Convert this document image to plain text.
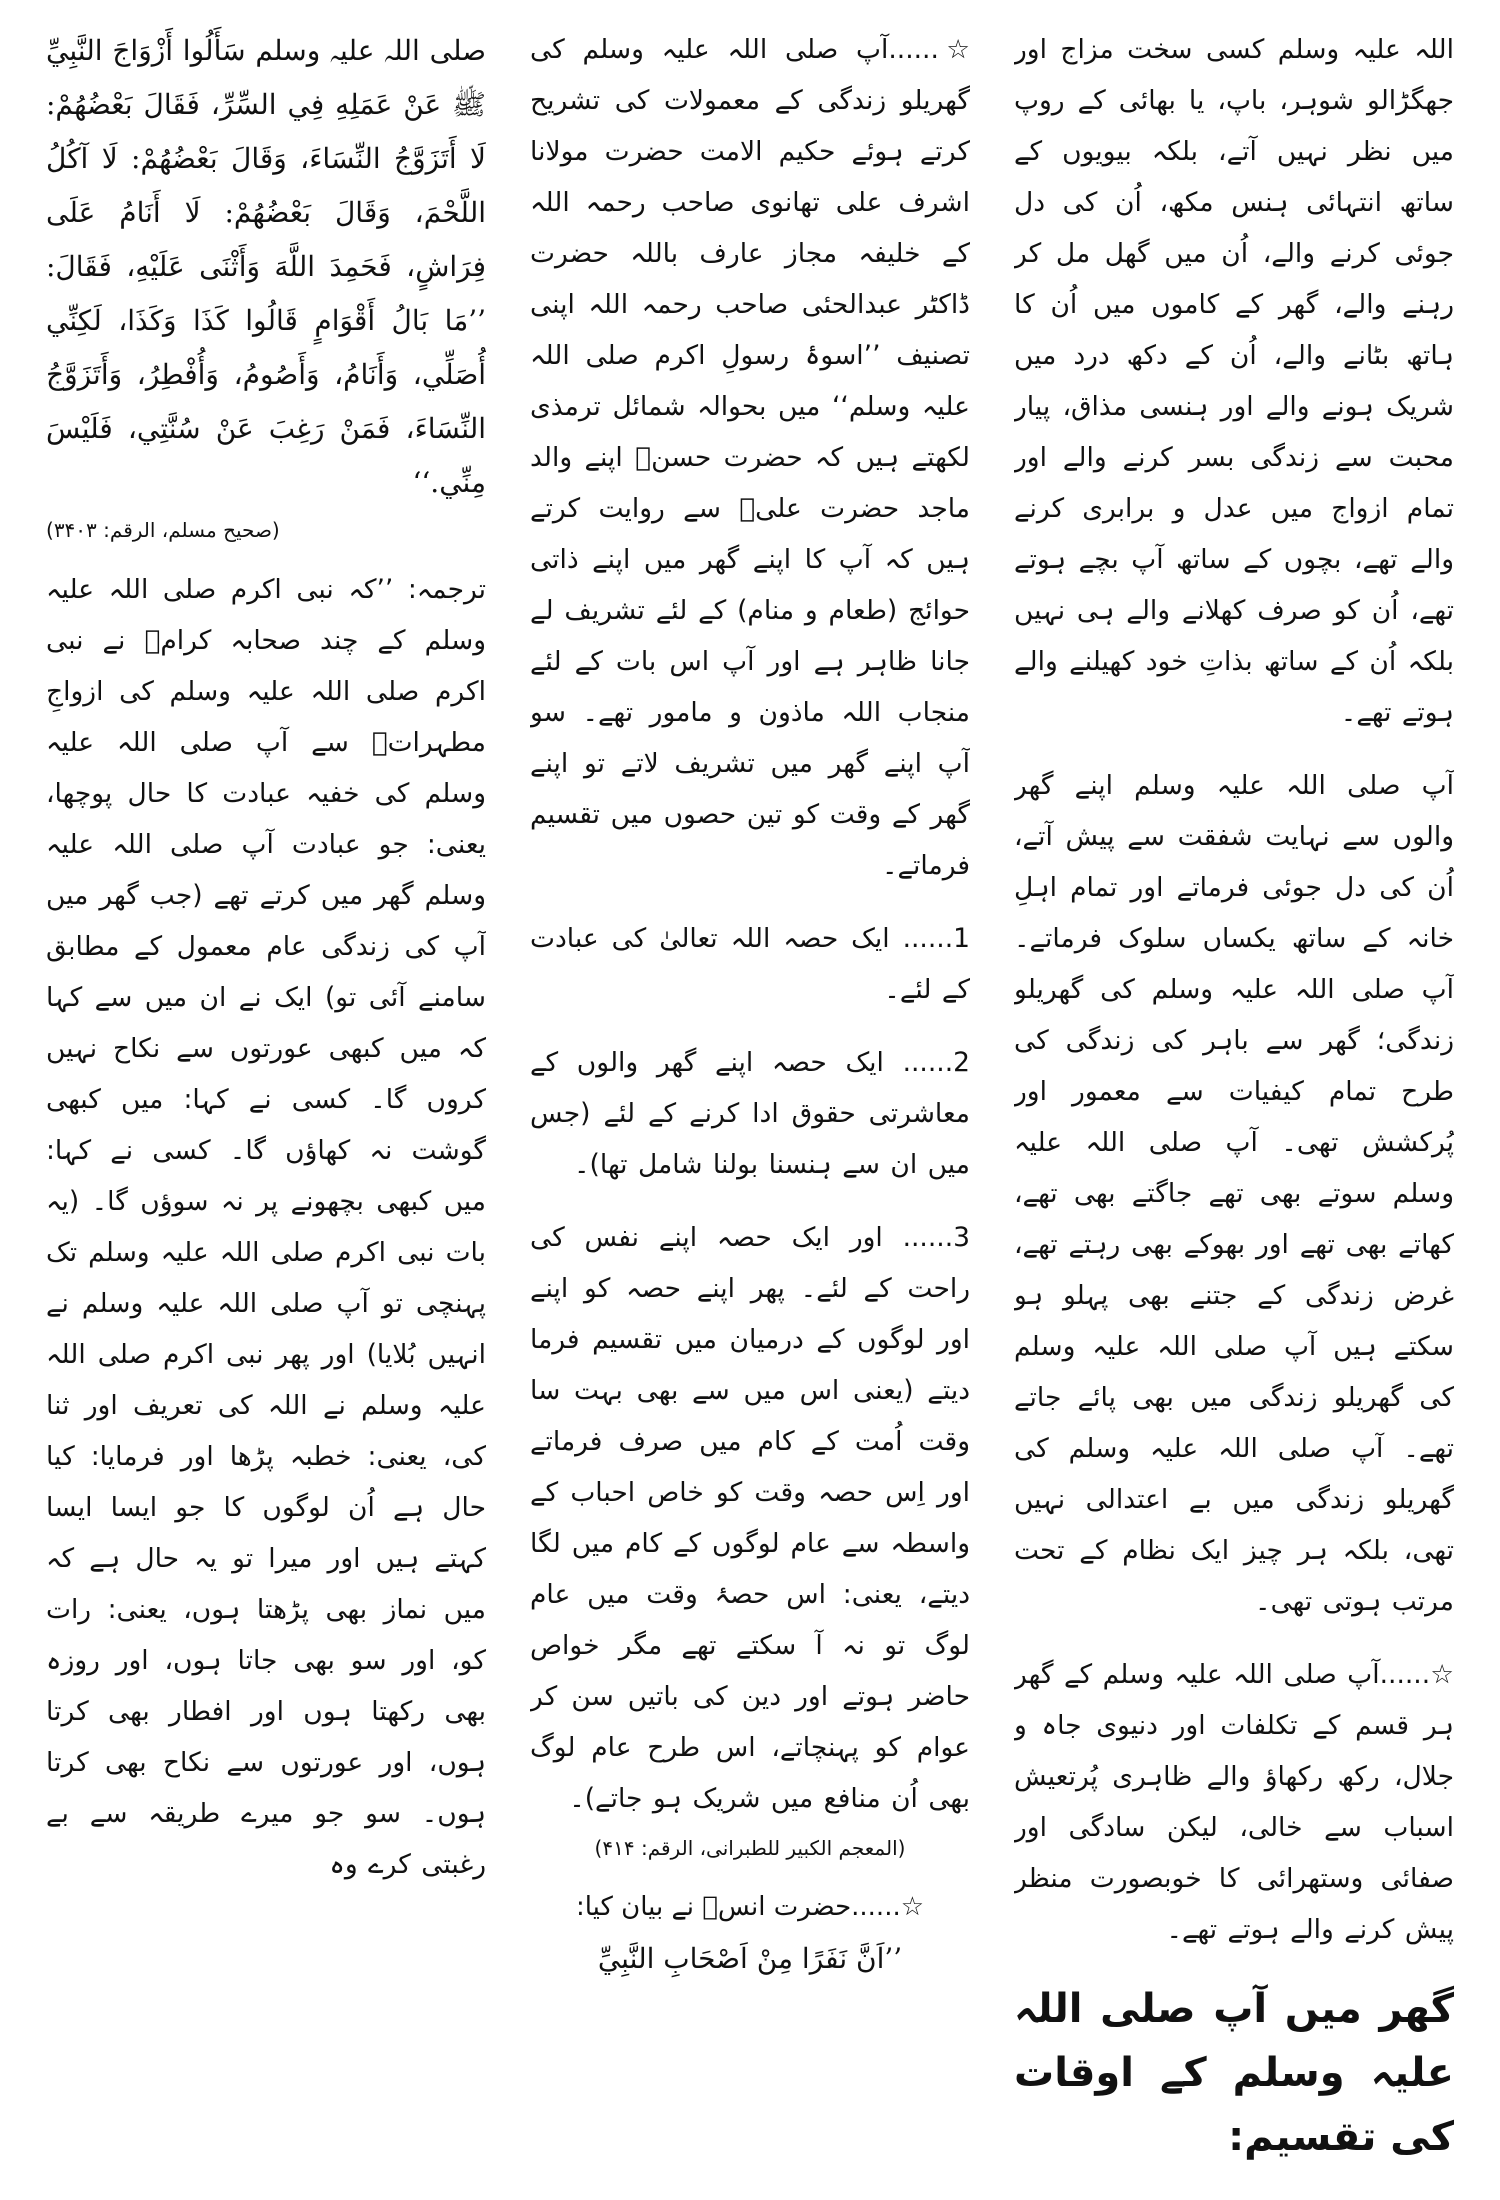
اللہ علیہ وسلم کسی سخت مزاج اور جھگڑالو شوہر، باپ، یا بھائی کے روپ میں نظر نہیں آتے، بلکہ بیویوں کے ساتھ انتہائی ہنس مکھ، اُن کی دل جوئی کرنے والے، اُن میں گھل مل کر رہنے والے، گھر کے کاموں میں اُن کا ہاتھ بٹانے والے، اُن کے دکھ درد میں شریک ہونے والے اور ہنسی مذاق، پیار محبت سے زندگی بسر کرنے والے اور تمام ازواج میں عدل و برابری کرنے والے تھے، بچوں کے ساتھ آپ بچے ہوتے تھے، اُن کو صرف کھلانے والے ہی نہیں بلکہ اُن کے ساتھ بذاتِ خود کھیلنے والے ہوتے تھے۔

آپ صلی اللہ علیہ وسلم اپنے گھر والوں سے نہایت شفقت سے پیش آتے، اُن کی دل جوئی فرماتے اور تمام اہلِ خانہ کے ساتھ یکساں سلوک فرماتے۔ آپ صلی اللہ علیہ وسلم کی گھریلو زندگی؛ گھر سے باہر کی زندگی کی طرح تمام کیفیات سے معمور اور پُرکشش تھی۔ آپ صلی اللہ علیہ وسلم سوتے بھی تھے جاگتے بھی تھے، کھاتے بھی تھے اور بھوکے بھی رہتے تھے، غرض زندگی کے جتنے بھی پہلو ہو سکتے ہیں آپ صلی اللہ علیہ وسلم کی گھریلو زندگی میں بھی پائے جاتے تھے۔ آپ صلی اللہ علیہ وسلم کی گھریلو زندگی میں بے اعتدالی نہیں تھی، بلکہ ہر چیز ایک نظام کے تحت مرتب ہوتی تھی۔

☆......آپ صلی اللہ علیہ وسلم کے گھر ہر قسم کے تکلفات اور دنیوی جاہ و جلال، رکھ رکھاؤ والے ظاہری پُرتعیش اسباب سے خالی، لیکن سادگی اور صفائی وستھرائی کا خوبصورت منظر پیش کرنے والے ہوتے تھے۔

گھر میں آپ صلی اللہ علیہ وسلم کے اوقات کی تقسیم:

☆......آپ صلی اللہ علیہ وسلم کی گھریلو زندگی کے معمولات کی تشریح کرتے ہوئے حکیم الامت حضرت مولانا اشرف علی تھانوی صاحب رحمہ اللہ کے خلیفہ مجاز عارف باللہ حضرت ڈاکٹر عبدالحئی صاحب رحمہ اللہ اپنی تصنیف ’’اسوۂ رسولِ اکرم صلی اللہ علیہ وسلم‘‘ میں بحوالہ شمائل ترمذی لکھتے ہیں کہ حضرت حسنؓ اپنے والد ماجد حضرت علیؓ سے روایت کرتے ہیں کہ آپ کا اپنے گھر میں اپنے ذاتی حوائج (طعام و منام) کے لئے تشریف لے جانا ظاہر ہے اور آپ اس بات کے لئے منجاب اللہ ماذون و مامور تھے۔ سو آپ اپنے گھر میں تشریف لاتے تو اپنے گھر کے وقت کو تین حصوں میں تقسیم فرماتے۔

1...... ایک حصہ اللہ تعالیٰ کی عبادت کے لئے۔

2...... ایک حصہ اپنے گھر والوں کے معاشرتی حقوق ادا کرنے کے لئے (جس میں ان سے ہنسنا بولنا شامل تھا)۔

3...... اور ایک حصہ اپنے نفس کی راحت کے لئے۔ پھر اپنے حصہ کو اپنے اور لوگوں کے درمیان میں تقسیم فرما دیتے (یعنی اس میں سے بھی بہت سا وقت اُمت کے کام میں صرف فرماتے اور اِس حصہ وقت کو خاص احباب کے واسطہ سے عام لوگوں کے کام میں لگا دیتے، یعنی: اس حصۂ وقت میں عام لوگ تو نہ آ سکتے تھے مگر خواص حاضر ہوتے اور دین کی باتیں سن کر عوام کو پہنچاتے، اس طرح عام لوگ بھی اُن منافع میں شریک ہو جاتے)۔

(المعجم الکبیر للطبرانی، الرقم: ۴۱۴)

☆......حضرت انسؓ نے بیان کیا:

’’اَنَّ نَفَرًا مِنْ اَصْحَابِ النَّبِيِّ

صلی اللہ علیہ وسلم سَأَلُوا أَزْوَاجَ النَّبِيِّ ﷺ عَنْ عَمَلِهِ فِي السِّرِّ، فَقَالَ بَعْضُهُمْ: لَا أَتَزَوَّجُ النِّسَاءَ، وَقَالَ بَعْضُهُمْ: لَا آكُلُ اللَّحْمَ، وَقَالَ بَعْضُهُمْ: لَا أَنَامُ عَلَى فِرَاشٍ، فَحَمِدَ اللَّهَ وَأَثْنَى عَلَيْهِ، فَقَالَ: ’’مَا بَالُ أَقْوَامٍ قَالُوا كَذَا وَكَذَا، لَكِنِّي أُصَلِّي، وَأَنَامُ، وَأَصُومُ، وَأُفْطِرُ، وَأَتَزَوَّجُ النِّسَاءَ، فَمَنْ رَغِبَ عَنْ سُنَّتِي، فَلَيْسَ مِنِّي.‘‘

(صحیح مسلم، الرقم: ۳۴۰۳)

ترجمہ: ’’کہ نبی اکرم صلی اللہ علیہ وسلم کے چند صحابہ کرامؓ نے نبی اکرم صلی اللہ علیہ وسلم کی ازواجِ مطہراتؓ سے آپ صلی اللہ علیہ وسلم کی خفیہ عبادت کا حال پوچھا، یعنی: جو عبادت آپ صلی اللہ علیہ وسلم گھر میں کرتے تھے (جب گھر میں آپ کی زندگی عام معمول کے مطابق سامنے آئی تو) ایک نے ان میں سے کہا کہ میں کبھی عورتوں سے نکاح نہیں کروں گا۔ کسی نے کہا: میں کبھی گوشت نہ کھاؤں گا۔ کسی نے کہا: میں کبھی بچھونے پر نہ سوؤں گا۔ (یہ بات نبی اکرم صلی اللہ علیہ وسلم تک پہنچی تو آپ صلی اللہ علیہ وسلم نے انہیں بُلایا) اور پھر نبی اکرم صلی اللہ علیہ وسلم نے اللہ کی تعریف اور ثنا کی، یعنی: خطبہ پڑھا اور فرمایا: کیا حال ہے اُن لوگوں کا جو ایسا ایسا کہتے ہیں اور میرا تو یہ حال ہے کہ میں نماز بھی پڑھتا ہوں، یعنی: رات کو، اور سو بھی جاتا ہوں، اور روزہ بھی رکھتا ہوں اور افطار بھی کرتا ہوں، اور عورتوں سے نکاح بھی کرتا ہوں۔ سو جو میرے طریقہ سے بے رغبتی کرے وہ
